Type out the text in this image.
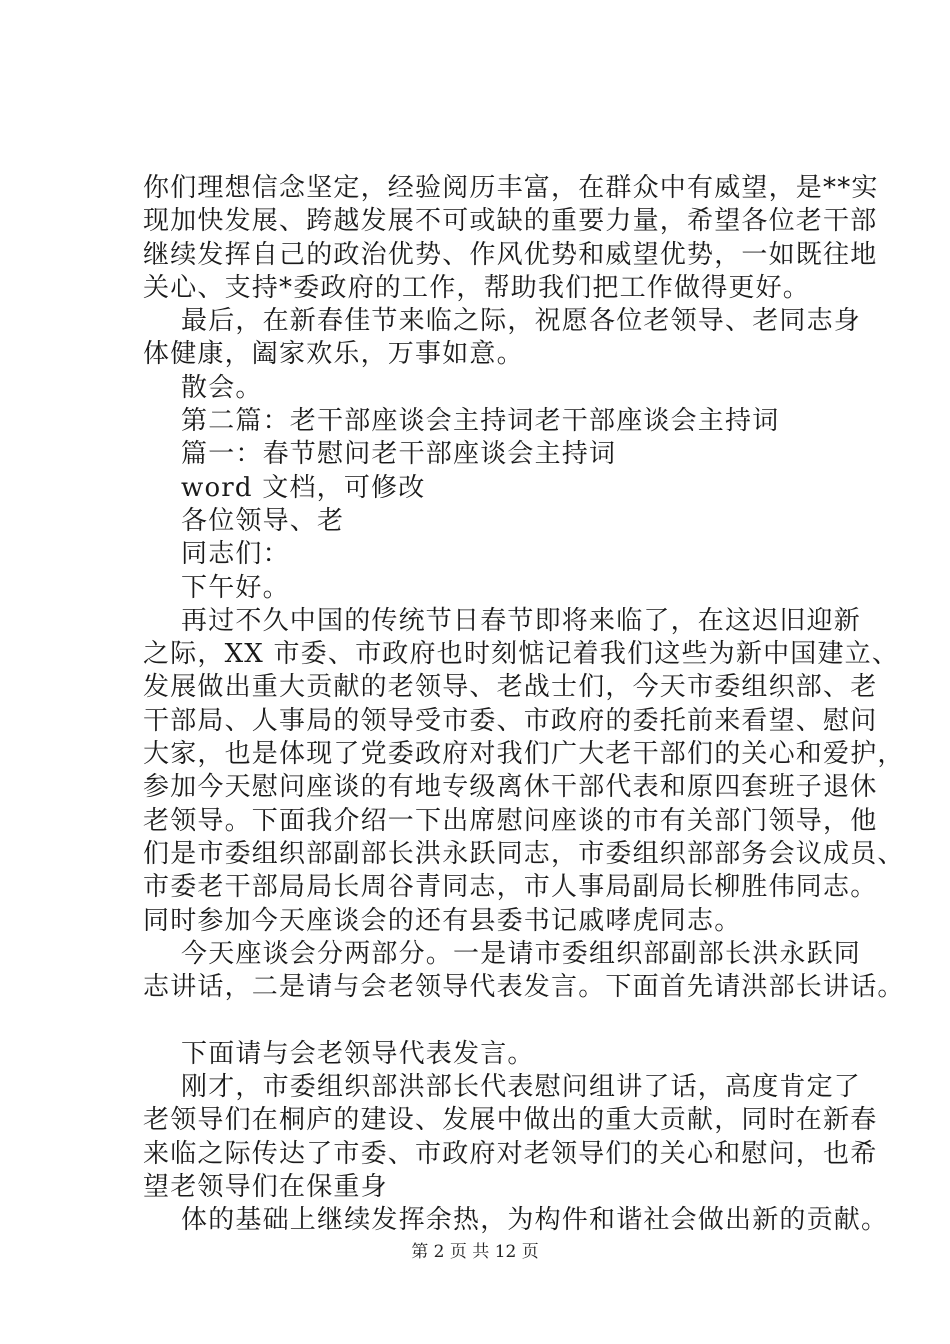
你们理想信念坚定，经验阅历丰富，在群众中有威望，是**实
现加快发展、跨越发展不可或缺的重要力量，希望各位老干部
继续发挥自己的政治优势、作风优势和威望优势，一如既往地
关心、支持*委政府的工作，帮助我们把工作做得更好。
最后，在新春佳节来临之际，祝愿各位老领导、老同志身
体健康，阖家欢乐，万事如意。
散会。
第二篇：老干部座谈会主持词老干部座谈会主持词
篇一：春节慰问老干部座谈会主持词
word 文档，可修改
各位领导、老
同志们：
下午好。
再过不久中国的传统节日春节即将来临了，在这迟旧迎新
之际，XX 市委、市政府也时刻惦记着我们这些为新中国建立、
发展做出重大贡献的老领导、老战士们，今天市委组织部、老
干部局、人事局的领导受市委、市政府的委托前来看望、慰问
大家，也是体现了党委政府对我们广大老干部们的关心和爱护，
参加今天慰问座谈的有地专级离休干部代表和原四套班子退休
老领导。下面我介绍一下出席慰问座谈的市有关部门领导，他
们是市委组织部副部长洪永跃同志，市委组织部部务会议成员、
市委老干部局局长周谷青同志，市人事局副局长柳胜伟同志。
同时参加今天座谈会的还有县委书记戚哮虎同志。
今天座谈会分两部分。一是请市委组织部副部长洪永跃同
志讲话，二是请与会老领导代表发言。下面首先请洪部长讲话。
下面请与会老领导代表发言。
刚才，市委组织部洪部长代表慰问组讲了话，高度肯定了
老领导们在桐庐的建设、发展中做出的重大贡献，同时在新春
来临之际传达了市委、市政府对老领导们的关心和慰问，也希
望老领导们在保重身
体的基础上继续发挥余热，为构件和谐社会做出新的贡献。
第 2 页 共 12 页
